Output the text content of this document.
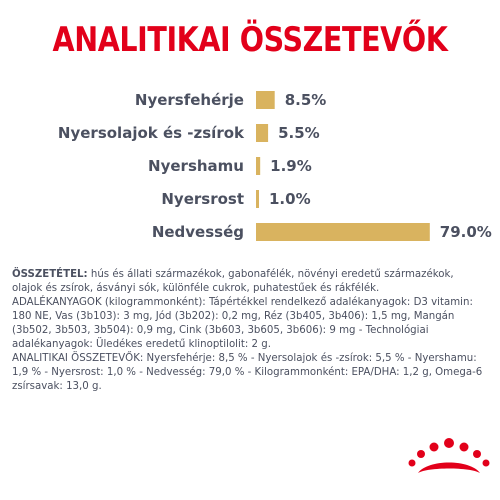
ANALITIKAI ÖSSZETEVŐK
Nyersfehérje	8.5%
Nyersolajok és -zsírok 5.5%
Nyershamu 1.9%
Nyersrost 1.0%
Nedvesség	79.0%

ÖSSZETÉTEL: hús és állati származékok, gabonafélék, növényi eredetű származékok, olajok és zsírok, ásványi sók, különféle cukrok, puhatestűek és rákfélék.

ADALÉKANYAGOK (kilogrammonként): Tápértékkel rendelkező adalékanyagok: D3 vitamin: 180 NE, Vas (3b103): 3 mg, Jód (3b202): 0,2 mg, Réz (3b405, 3b406): 1,5 mg, Mangán (3b502, 3b503, 3b504): 0,9 mg, Cink (3b603, 3b605, 3b606): 9 mg - Technológiai adalékanyagok: Üledékes eredetű klinoptilolit: 2 g.

ANALITIKAI ÖSSZETEVŐK: Nyersfehérje: 8,5 % - Nyersolajok és -zsírok: 5,5 % - Nyershamu: 1,9 % - Nyersrost: 1,0 % - Nedvesség: 79,0 % - Kilogrammonként: EPA/DHA: 1,2 g, Omega-6 zsírsavak: 13,0 g.
